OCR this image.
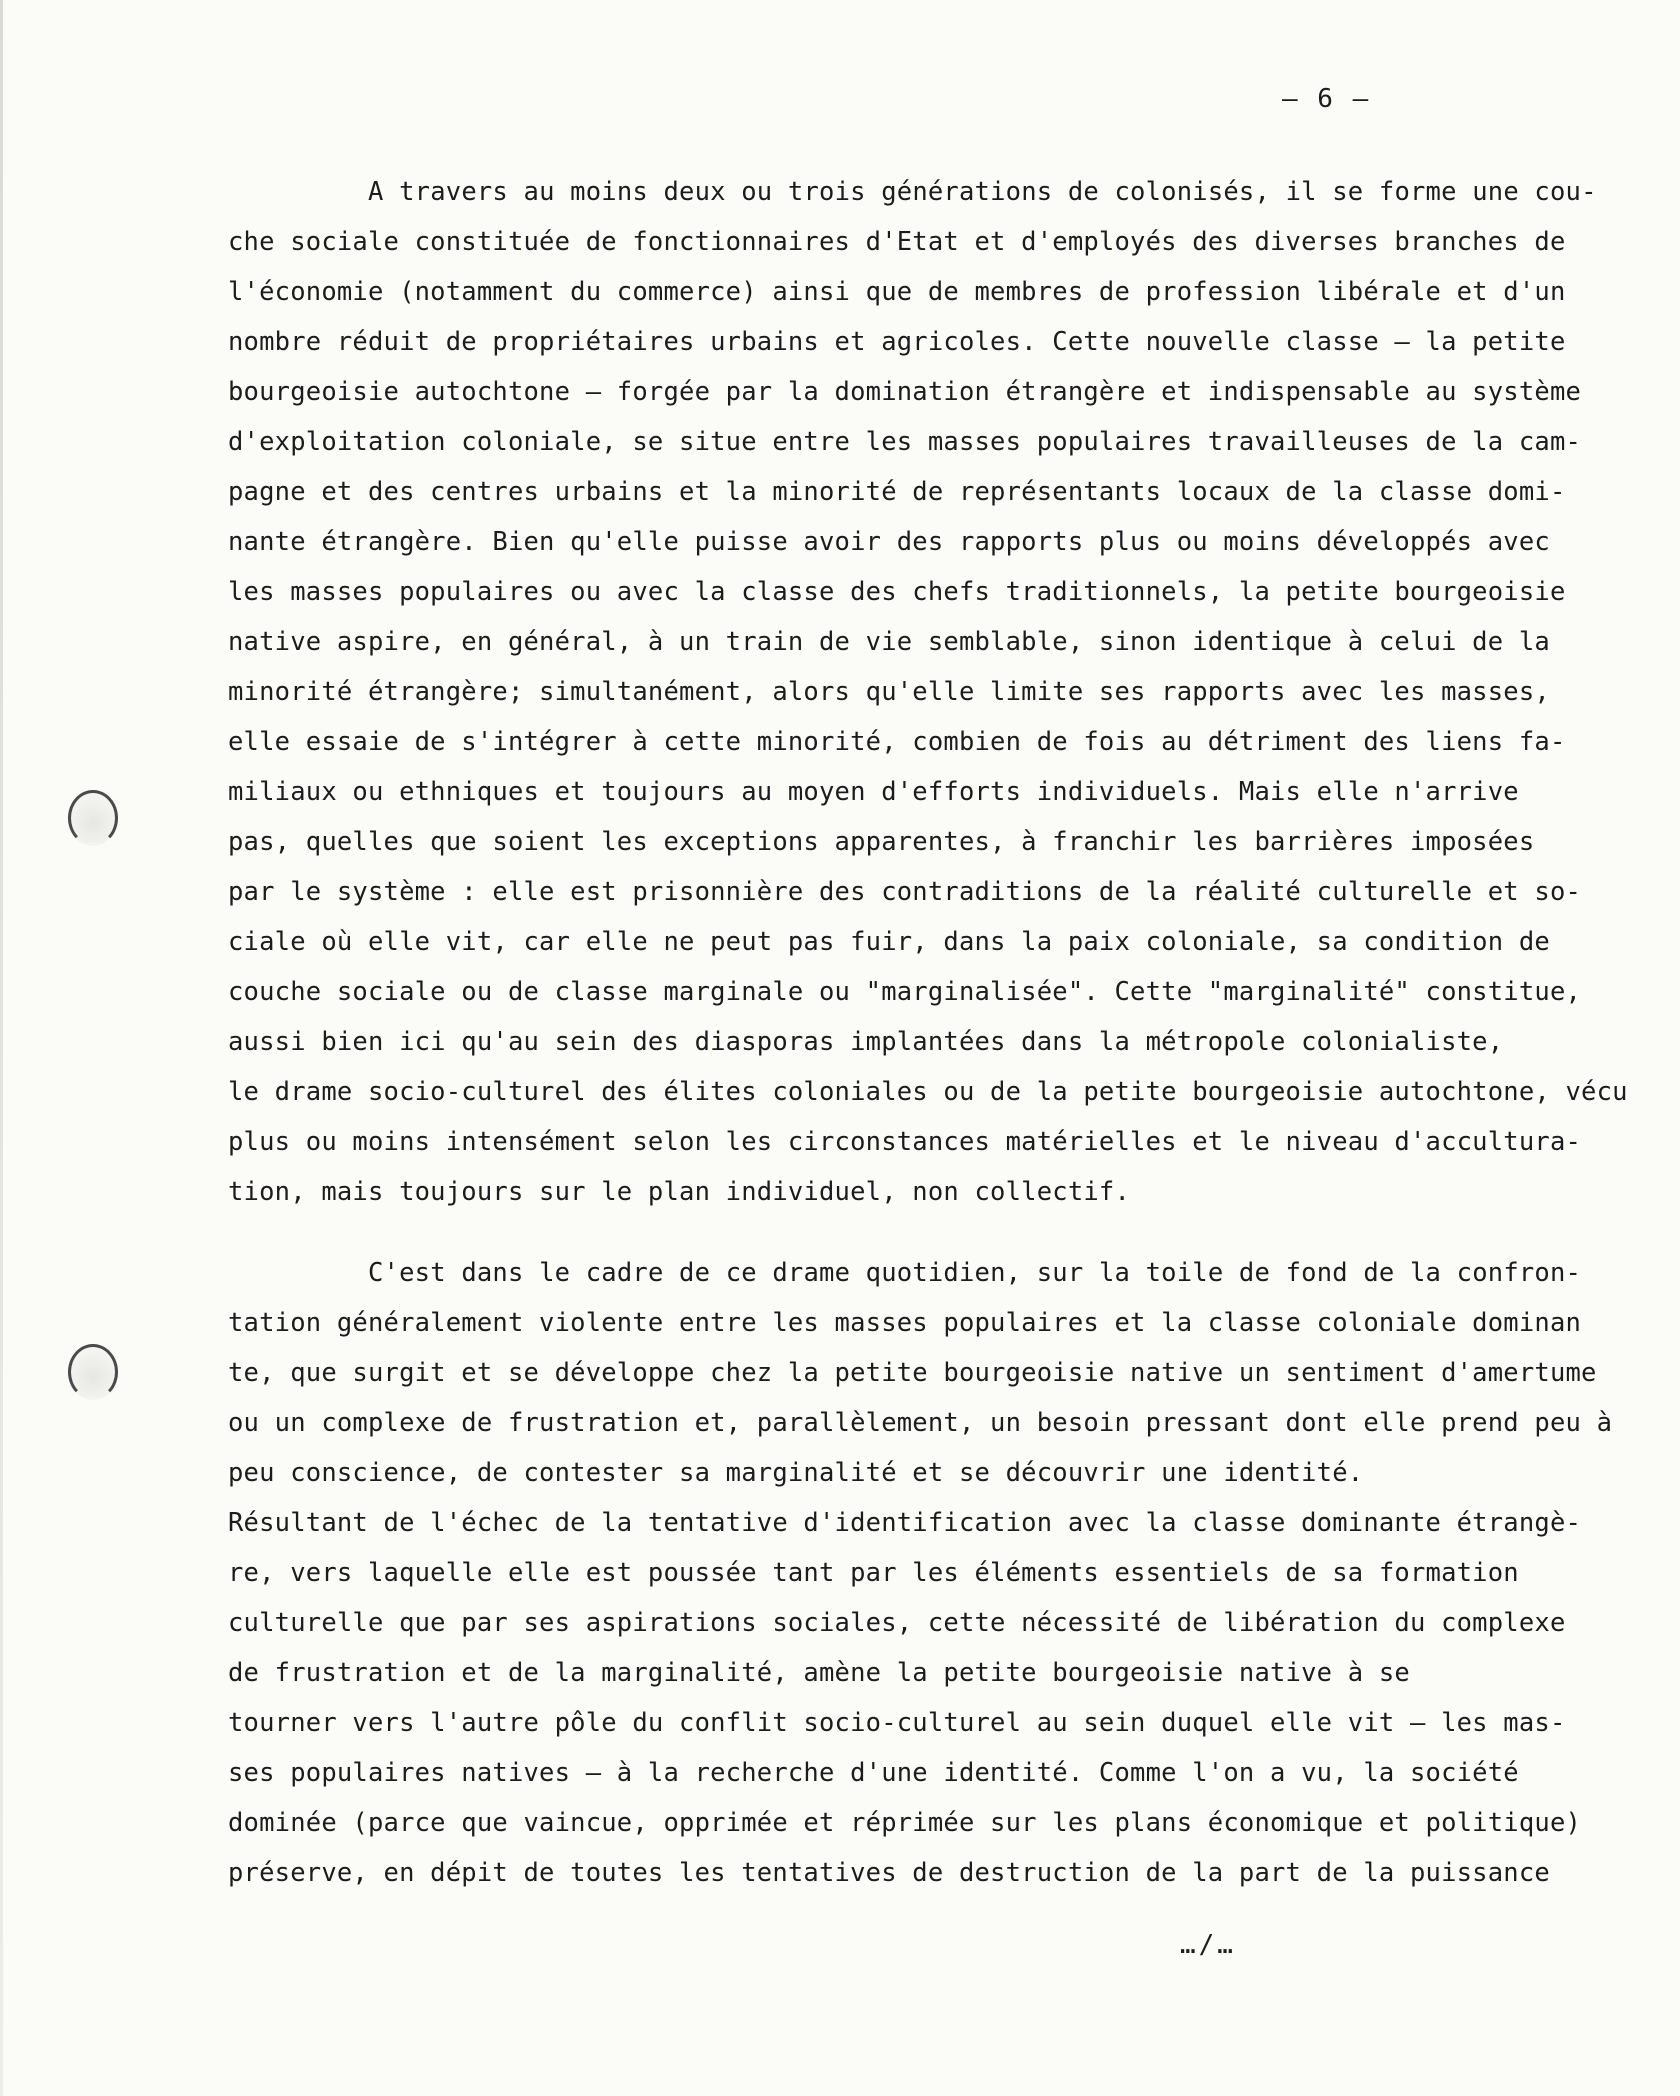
– 6 –
A travers au moins deux ou trois générations de colonisés, il se forme une cou-
che sociale constituée de fonctionnaires d'Etat et d'employés des diverses branches de
l'économie (notamment du commerce) ainsi que de membres de profession libérale et d'un
nombre réduit de propriétaires urbains et agricoles. Cette nouvelle classe – la petite
bourgeoisie autochtone – forgée par la domination étrangère et indispensable au système
d'exploitation coloniale, se situe entre les masses populaires travailleuses de la cam-
pagne et des centres urbains et la minorité de représentants locaux de la classe domi-
nante étrangère. Bien qu'elle puisse avoir des rapports plus ou moins développés avec
les masses populaires ou avec la classe des chefs traditionnels, la petite bourgeoisie
native aspire, en général, à un train de vie semblable, sinon identique à celui de la
minorité étrangère; simultanément, alors qu'elle limite ses rapports avec les masses,
elle essaie de s'intégrer à cette minorité, combien de fois au détriment des liens fa-
miliaux ou ethniques et toujours au moyen d'efforts individuels. Mais elle n'arrive
pas, quelles que soient les exceptions apparentes, à franchir les barrières imposées
par le système : elle est prisonnière des contraditions de la réalité culturelle et so-
ciale où elle vit, car elle ne peut pas fuir, dans la paix coloniale, sa condition de
couche sociale ou de classe marginale ou "marginalisée". Cette "marginalité" constitue,
aussi bien ici qu'au sein des diasporas implantées dans la métropole colonialiste,
le drame socio-culturel des élites coloniales ou de la petite bourgeoisie autochtone, vécu
plus ou moins intensément selon les circonstances matérielles et le niveau d'accultura-
tion, mais toujours sur le plan individuel, non collectif.
C'est dans le cadre de ce drame quotidien, sur la toile de fond de la confron-
tation généralement violente entre les masses populaires et la classe coloniale dominan
te, que surgit et se développe chez la petite bourgeoisie native un sentiment d'amertume
ou un complexe de frustration et, parallèlement, un besoin pressant dont elle prend peu à
peu conscience, de contester sa marginalité et se découvrir une identité.
Résultant de l'échec de la tentative d'identification avec la classe dominante étrangè-
re, vers laquelle elle est poussée tant par les éléments essentiels de sa formation
culturelle que par ses aspirations sociales, cette nécessité de libération du complexe
de frustration et de la marginalité, amène la petite bourgeoisie native à se
tourner vers l'autre pôle du conflit socio-culturel au sein duquel elle vit – les mas-
ses populaires natives – à la recherche d'une identité. Comme l'on a vu, la société
dominée (parce que vaincue, opprimée et réprimée sur les plans économique et politique)
préserve, en dépit de toutes les tentatives de destruction de la part de la puissance
…/…
